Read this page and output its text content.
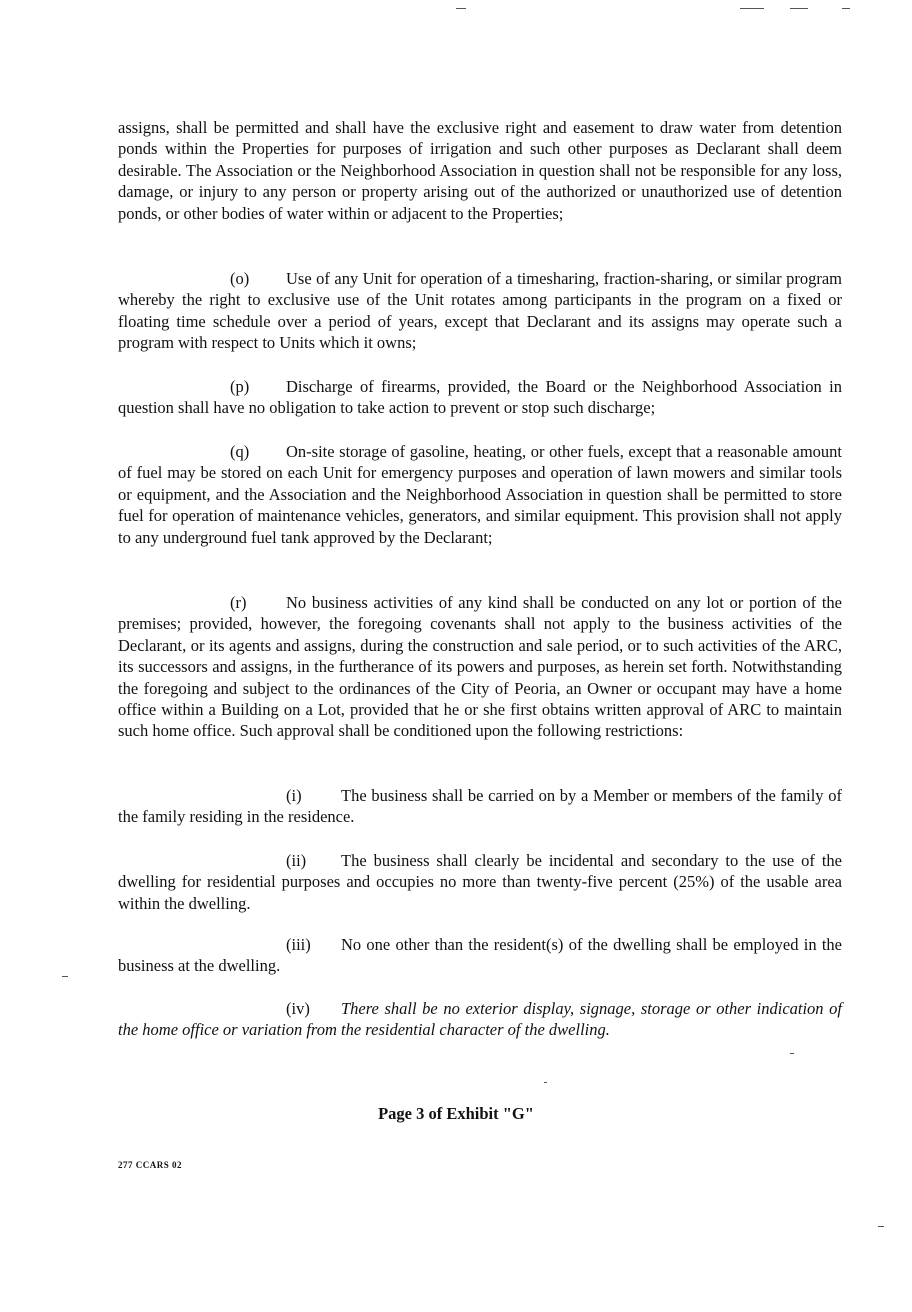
assigns, shall be permitted and shall have the exclusive right and easement to draw water from detention ponds within the Properties for purposes of irrigation and such other purposes as Declarant shall deem desirable. The Association or the Neighborhood Association in question shall not be responsible for any loss, damage, or injury to any person or property arising out of the authorized or unauthorized use of detention ponds, or other bodies of water within or adjacent to the Properties;
(o) Use of any Unit for operation of a timesharing, fraction-sharing, or similar program whereby the right to exclusive use of the Unit rotates among participants in the program on a fixed or floating time schedule over a period of years, except that Declarant and its assigns may operate such a program with respect to Units which it owns;
(p) Discharge of firearms, provided, the Board or the Neighborhood Association in question shall have no obligation to take action to prevent or stop such discharge;
(q) On-site storage of gasoline, heating, or other fuels, except that a reasonable amount of fuel may be stored on each Unit for emergency purposes and operation of lawn mowers and similar tools or equipment, and the Association and the Neighborhood Association in question shall be permitted to store fuel for operation of maintenance vehicles, generators, and similar equipment. This provision shall not apply to any underground fuel tank approved by the Declarant;
(r) No business activities of any kind shall be conducted on any lot or portion of the premises; provided, however, the foregoing covenants shall not apply to the business activities of the Declarant, or its agents and assigns, during the construction and sale period, or to such activities of the ARC, its successors and assigns, in the furtherance of its powers and purposes, as herein set forth. Notwithstanding the foregoing and subject to the ordinances of the City of Peoria, an Owner or occupant may have a home office within a Building on a Lot, provided that he or she first obtains written approval of ARC to maintain such home office. Such approval shall be conditioned upon the following restrictions:
(i) The business shall be carried on by a Member or members of the family of the family residing in the residence.
(ii) The business shall clearly be incidental and secondary to the use of the dwelling for residential purposes and occupies no more than twenty-five percent (25%) of the usable area within the dwelling.
(iii) No one other than the resident(s) of the dwelling shall be employed in the business at the dwelling.
(iv) There shall be no exterior display, signage, storage or other indication of the home office or variation from the residential character of the dwelling.
Page 3 of Exhibit "G"
277 CCARS 02
